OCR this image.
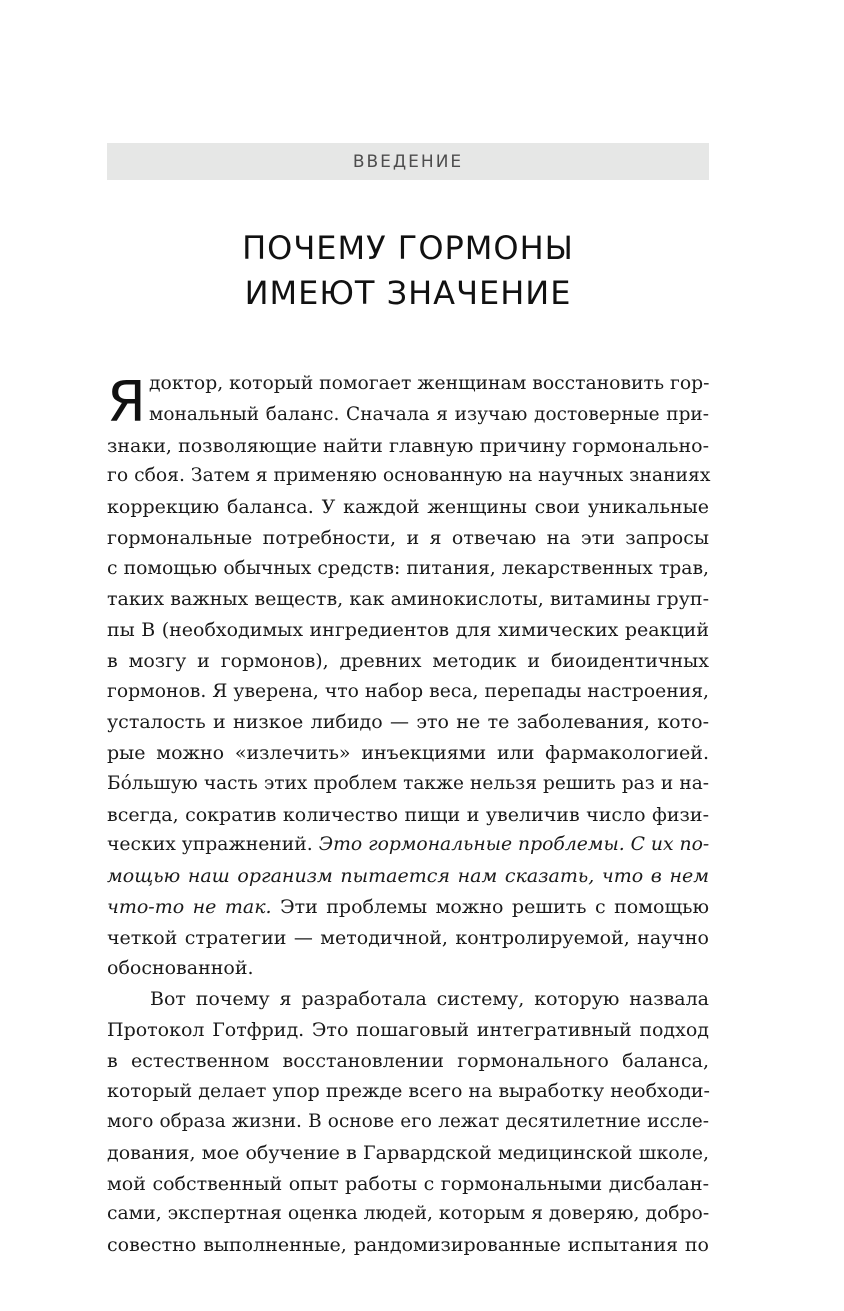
ВВЕДЕНИЕ
ПОЧЕМУ ГОРМОНЫ
ИМЕЮТ ЗНАЧЕНИЕ
Я доктор, который помогает женщинам восстановить гор-
мональный баланс. Сначала я изучаю достоверные при-
знаки, позволяющие найти главную причину гормонально-
го сбоя. Затем я применяю основанную на научных знаниях
коррекцию баланса. У каждой женщины свои уникальные
гормональные потребности, и я отвечаю на эти запросы
с помощью обычных средств: питания, лекарственных трав,
таких важных веществ, как аминокислоты, витамины груп-
пы B (необходимых ингредиентов для химических реакций
в мозгу и гормонов), древних методик и биоидентичных
гормонов. Я уверена, что набор веса, перепады настроения,
усталость и низкое либидо — это не те заболевания, кото-
рые можно «излечить» инъекциями или фармакологией.
Бо́льшую часть этих проблем также нельзя решить раз и на-
всегда, сократив количество пищи и увеличив число физи-
ческих упражнений. Это гормональные проблемы. С их по-
мощью наш организм пытается нам сказать, что в нем
что-то не так. Эти проблемы можно решить с помощью
четкой стратегии — методичной, контролируемой, научно
обоснованной.
Вот почему я разработала систему, которую назвала
Протокол Готфрид. Это пошаговый интегративный подход
в естественном восстановлении гормонального баланса,
который делает упор прежде всего на выработку необходи-
мого образа жизни. В основе его лежат десятилетние иссле-
дования, мое обучение в Гарвардской медицинской школе,
мой собственный опыт работы с гормональными дисбалан-
сами, экспертная оценка людей, которым я доверяю, добро-
совестно выполненные, рандомизированные испытания по
